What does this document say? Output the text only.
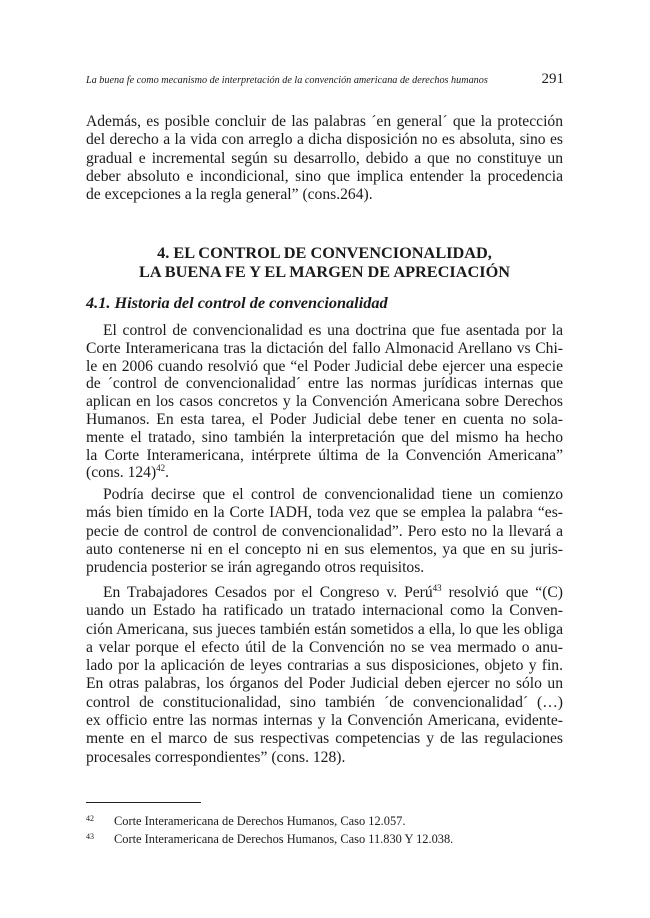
La buena fe como mecanismo de interpretación de la convención americana de derechos humanos	291
Además, es posible concluir de las palabras ´en general´ que la protección
del derecho a la vida con arreglo a dicha disposición no es absoluta, sino es
gradual e incremental según su desarrollo, debido a que no constituye un
deber absoluto e incondicional, sino que implica entender la procedencia
de excepciones a la regla general” (cons.264).
4. EL CONTROL DE CONVENCIONALIDAD,
LA BUENA FE Y EL MARGEN DE APRECIACIÓN
4.1. Historia del control de convencionalidad
El control de convencionalidad es una doctrina que fue asentada por la
Corte Interamericana tras la dictación del fallo Almonacid Arellano vs Chi-
le en 2006 cuando resolvió que “el Poder Judicial debe ejercer una especie
de ´control de convencionalidad´ entre las normas jurídicas internas que
aplican en los casos concretos y la Convención Americana sobre Derechos
Humanos. En esta tarea, el Poder Judicial debe tener en cuenta no sola-
mente el tratado, sino también la interpretación que del mismo ha hecho
la Corte Interamericana, intérprete última de la Convención Americana”
(cons. 124)$^{42}$.
Podría decirse que el control de convencionalidad tiene un comienzo
más bien tímido en la Corte IADH, toda vez que se emplea la palabra “es-
pecie de control de control de convencionalidad”. Pero esto no la llevará a
auto contenerse ni en el concepto ni en sus elementos, ya que en su juris-
prudencia posterior se irán agregando otros requisitos.
En Trabajadores Cesados por el Congreso v. Perú$^{43}$ resolvió que “(C)
uando un Estado ha ratificado un tratado internacional como la Conven-
ción Americana, sus jueces también están sometidos a ella, lo que les obliga
a velar porque el efecto útil de la Convención no se vea mermado o anu-
lado por la aplicación de leyes contrarias a sus disposiciones, objeto y fin.
En otras palabras, los órganos del Poder Judicial deben ejercer no sólo un
control de constitucionalidad, sino también ´de convencionalidad´ (…)
ex officio entre las normas internas y la Convención Americana, evidente-
mente en el marco de sus respectivas competencias y de las regulaciones
procesales correspondientes” (cons. 128).
42 Corte Interamericana de Derechos Humanos, Caso 12.057.
43 Corte Interamericana de Derechos Humanos, Caso 11.830 Y 12.038.
